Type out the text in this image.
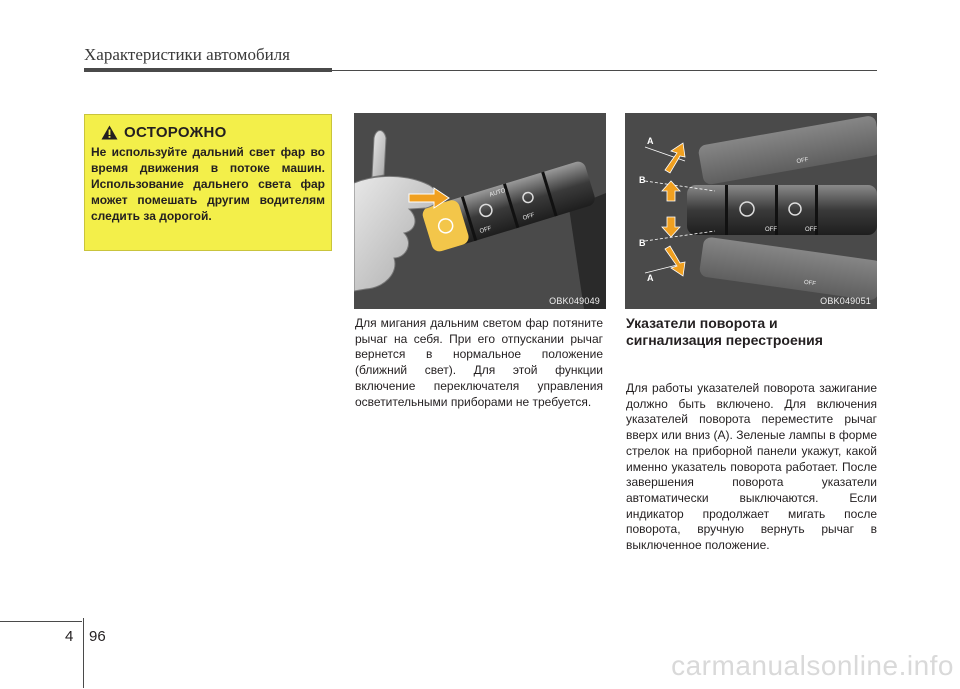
Характеристики автомобиля
ОСТОРОЖНО
Не используйте дальний свет фар во время движения в потоке машин. Использование дальнего света фар может помешать другим водителям следить за дорогой.
OFF
OFF
AUTO
OBK049049
OFF
OFF	OFF
OFF
A
B
B
A
OBK049051
Для мигания дальним светом фар потяните рычаг на себя. При его отпускании рычаг вернется в нормальное положение (ближний свет). Для этой функции включение переключателя управления осветительными приборами не требуется.
Указатели поворота и сигнализация перестроения
Для работы указателей поворота зажигание должно быть включено. Для включения указателей поворота переместите рычаг вверх или вниз (A). Зеленые лампы в форме стрелок на приборной панели укажут, какой именно указатель поворота работает. После завершения поворота указатели автоматически выключаются. Если индикатор продолжает мигать после поворота, вручную вернуть рычаг в выключенное положение.
4 96
carmanualsonline.info
